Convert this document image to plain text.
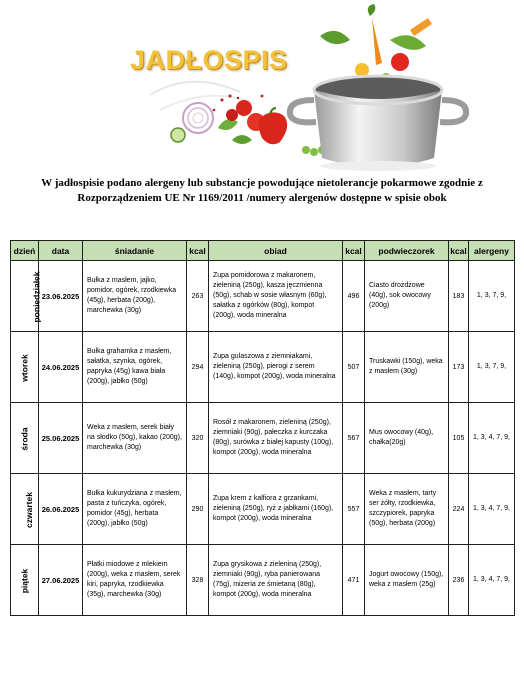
JADŁOSPIS

W jadłospisie podano alergeny lub substancje powodujące nietolerancje pokarmowe zgodnie z Rozporządzeniem UE Nr 1169/2011 /numery alergenów dostępne w spisie obok

dzień	data	śniadanie	kcal	obiad	kcal	podwieczorek	kcal	alergeny
poniedziałek	23.06.2025	Bułka z masłem, jajko, pomidor, ogórek, rzodkiewka (45g), herbata (200g), marchewka (30g)	263	Zupa pomidorowa z makaronem, zieleniną (250g), kasza jęczmienna (50g), schab w sosie własnym (60g), sałatka z ogórków (80g), kompot (200g), woda mineralna	496	Ciasto drożdżowe (40g), sok owocowy (200g)	183	1, 3, 7, 9,
wtorek	24.06.2025	Bułka grahamka z masłem, sałatka, szynka, ogórek, papryka (45g) kawa biała (200g), jabłko (50g)	294	Zupa gulaszowa z ziemniakami, zieleniną (250g), pierogi z serem (140g), kompot (200g), woda mineralna	507	Truskawki (150g), weka z masłem (30g)	173	1, 3, 7, 9,
środa	25.06.2025	Weka z masłem, serek biały na słodko (50g), kakao (200g), marchewka (30g)	320	Rosół z makaronem, zieleniną (250g), ziemniaki (90g), pałeczka z kurczaka (80g), surówka z białej kapusty (100g), kompot (200g), woda mineralna	567	Mus owocowy (40g), chałka(20g)	105	1, 3, 4, 7, 9,
czwartek	26.06.2025	Bułka kukurydziana z masłem, pasta z tuńczyka, ogórek, pomidor (45g), herbata (200g), jabłko (50g)	290	Zupa krem z kalfiora z grzankami, zieleniną (250g), ryż z jabłkami (160g), kompot (200g), woda mineralna	557	Weka z masłem, tarty ser żółty, rzodkiewka, szczypiorek, papryka (50g), herbata (200g)	224	1, 3, 4, 7, 9,
piątek	27.06.2025	Płatki miodowe z mlekiem (200g), weka z masłem, serek kiri, papryka, rzodkiewka (35g), marchewka (30g)	328	Zupa grysikowa z zieleniną (250g), ziemniaki (90g), ryba panierowana (75g), mizeria ze śmietaną (80g), kompot (200g), woda mineralna	471	Jogurt owocowy (150g), weka z masłem (25g)	236	1, 3, 4, 7, 9,
